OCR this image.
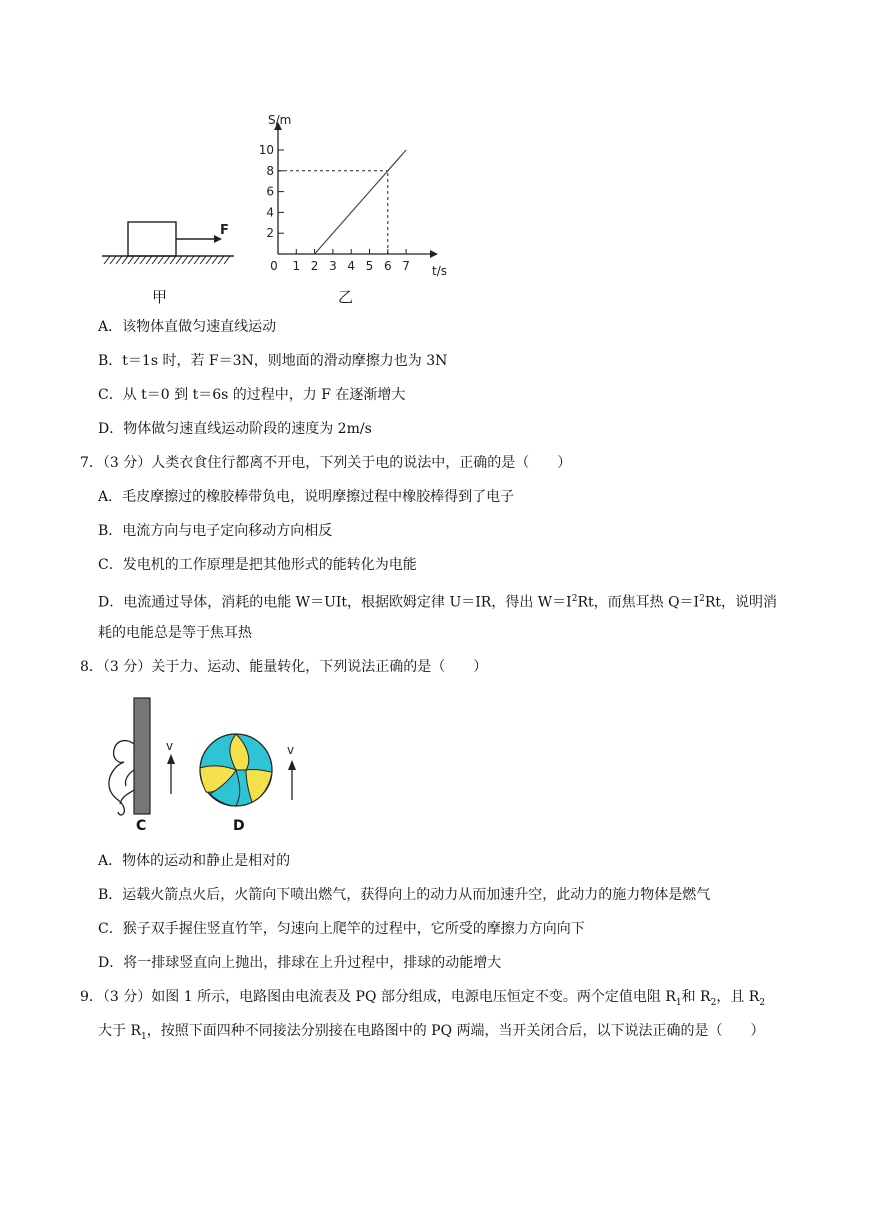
F
甲
S/m
t/s
2
4
6
8
10
0 1 2 3 4 5 6 7
乙
A．该物体直做匀速直线运动
B．t＝1s 时，若 F＝3N，则地面的滑动摩擦力也为 3N
C．从 t＝0 到 t＝6s 的过程中，力 F 在逐渐增大
D．物体做匀速直线运动阶段的速度为 2m/s
7．（3 分）人类衣食住行都离不开电，下列关于电的说法中，正确的是（　　）
A．毛皮摩擦过的橡胶棒带负电，说明摩擦过程中橡胶棒得到了电子
B．电流方向与电子定向移动方向相反
C．发电机的工作原理是把其他形式的能转化为电能
D．电流通过导体，消耗的电能 W＝UIt，根据欧姆定律 U＝IR，得出 $W=I^2Rt$，而焦耳热 $Q=I^2Rt$，说明消
耗的电能总是等于焦耳热
8．（3 分）关于力、运动、能量转化，下列说法正确的是（　　）
v
C
v
D
A．物体的运动和静止是相对的
B．运载火箭点火后，火箭向下喷出燃气，获得向上的动力从而加速升空，此动力的施力物体是燃气
C．猴子双手握住竖直竹竿，匀速向上爬竿的过程中，它所受的摩擦力方向向下
D．将一排球竖直向上抛出，排球在上升过程中，排球的动能增大
9．（3 分）如图 1 所示，电路图由电流表及 PQ 部分组成，电源电压恒定不变。两个定值电阻 $R_1$和 $R_2$，且 $R_2$
大于 $R_1$，按照下面四种不同接法分别接在电路图中的 PQ 两端，当开关闭合后，以下说法正确的是（　　）
